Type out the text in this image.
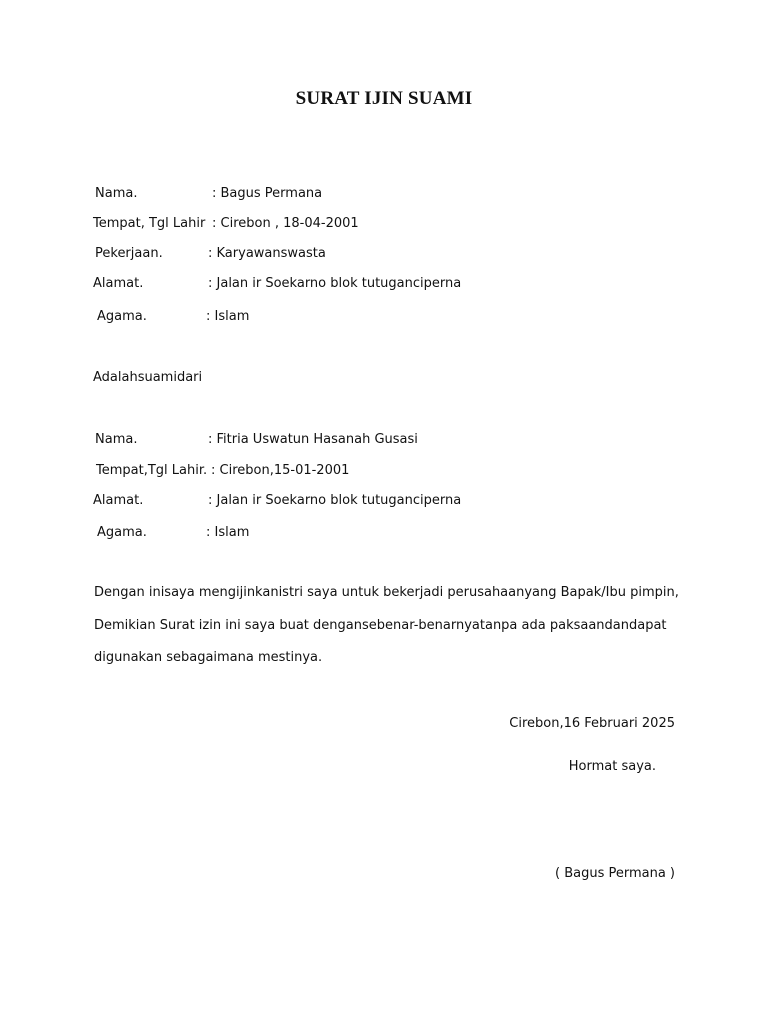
SURAT IJIN SUAMI
Nama.	: Bagus Permana
Tempat, Tgl Lahir : Cirebon , 18-04-2001
Pekerjaan.	: Karyawanswasta
Alamat.	: Jalan ir Soekarno blok tutuganciperna
Agama.	: Islam
Adalahsuamidari
Nama.	: Fitria Uswatun Hasanah Gusasi
Tempat,Tgl Lahir. : Cirebon,15-01-2001
Alamat.	: Jalan ir Soekarno blok tutuganciperna
Agama.	: Islam
Dengan inisaya mengijinkanistri saya untuk bekerjadi perusahaanyang Bapak/Ibu pimpin,
Demikian Surat izin ini saya buat dengansebenar-benarnyatanpa ada paksaandandapat
digunakan sebagaimana mestinya.
Cirebon,16 Februari 2025
Hormat saya.
( Bagus Permana )
